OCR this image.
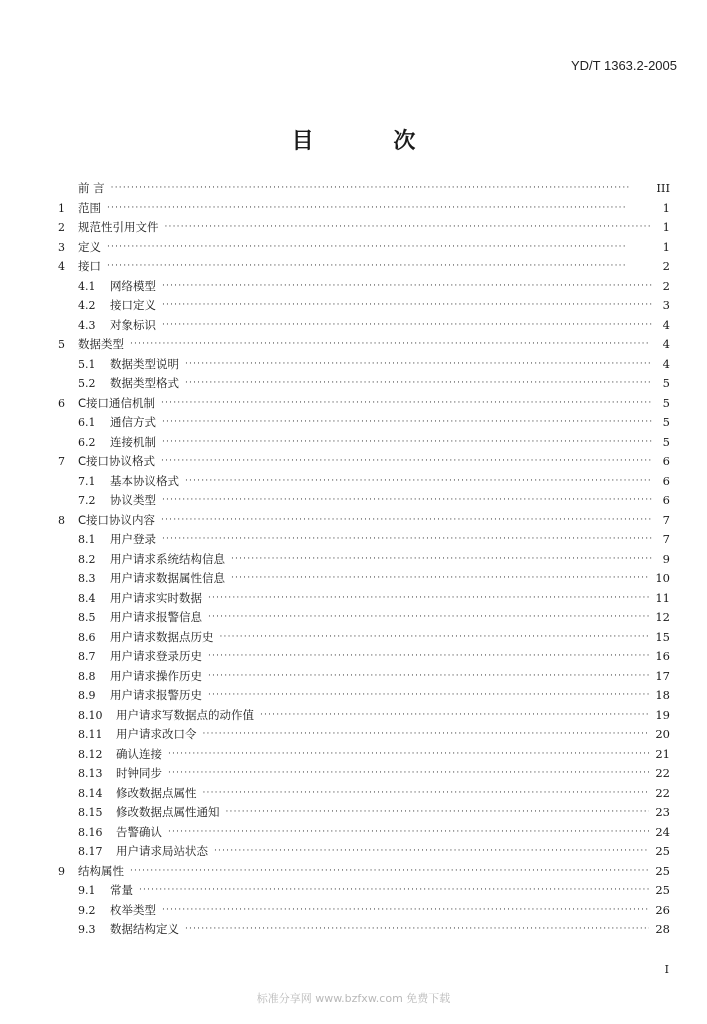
YD/T 1363.2-2005
目 次
前 言 ·····	III
1	范围 ·····	1
2	规范性引用文件 ·····	1
3	定义 ·····	1
4	接口 ·····	2
4.1	网络模型 ·····	2
4.2	接口定义 ·····	3
4.3	对象标识 ·····	4
5	数据类型 ·····	4
5.1	数据类型说明 ·····	4
5.2	数据类型格式 ·····	5
6	C接口通信机制 ·····	5
6.1	通信方式 ·····	5
6.2	连接机制 ·····	5
7	C接口协议格式 ·····	6
7.1	基本协议格式 ·····	6
7.2	协议类型 ·····	6
8	C接口协议内容 ·····	7
8.1	用户登录 ·····	7
8.2	用户请求系统结构信息 ·····	9
8.3	用户请求数据属性信息 ·····	10
8.4	用户请求实时数据 ·····	11
8.5	用户请求报警信息 ·····	12
8.6	用户请求数据点历史 ·····	15
8.7	用户请求登录历史 ·····	16
8.8	用户请求操作历史 ·····	17
8.9	用户请求报警历史 ·····	18
8.10	用户请求写数据点的动作值 ·····	19
8.11	用户请求改口令 ·····	20
8.12	确认连接 ·····	21
8.13	时钟同步 ·····	22
8.14	修改数据点属性 ·····	22
8.15	修改数据点属性通知 ·····	23
8.16	告警确认 ·····	24
8.17	用户请求局站状态 ·····	25
9	结构属性 ·····	25
9.1	常量 ·····	25
9.2	枚举类型 ·····	26
9.3	数据结构定义 ·····	28
I
标准分享网 www.bzfxw.com 免费下载
